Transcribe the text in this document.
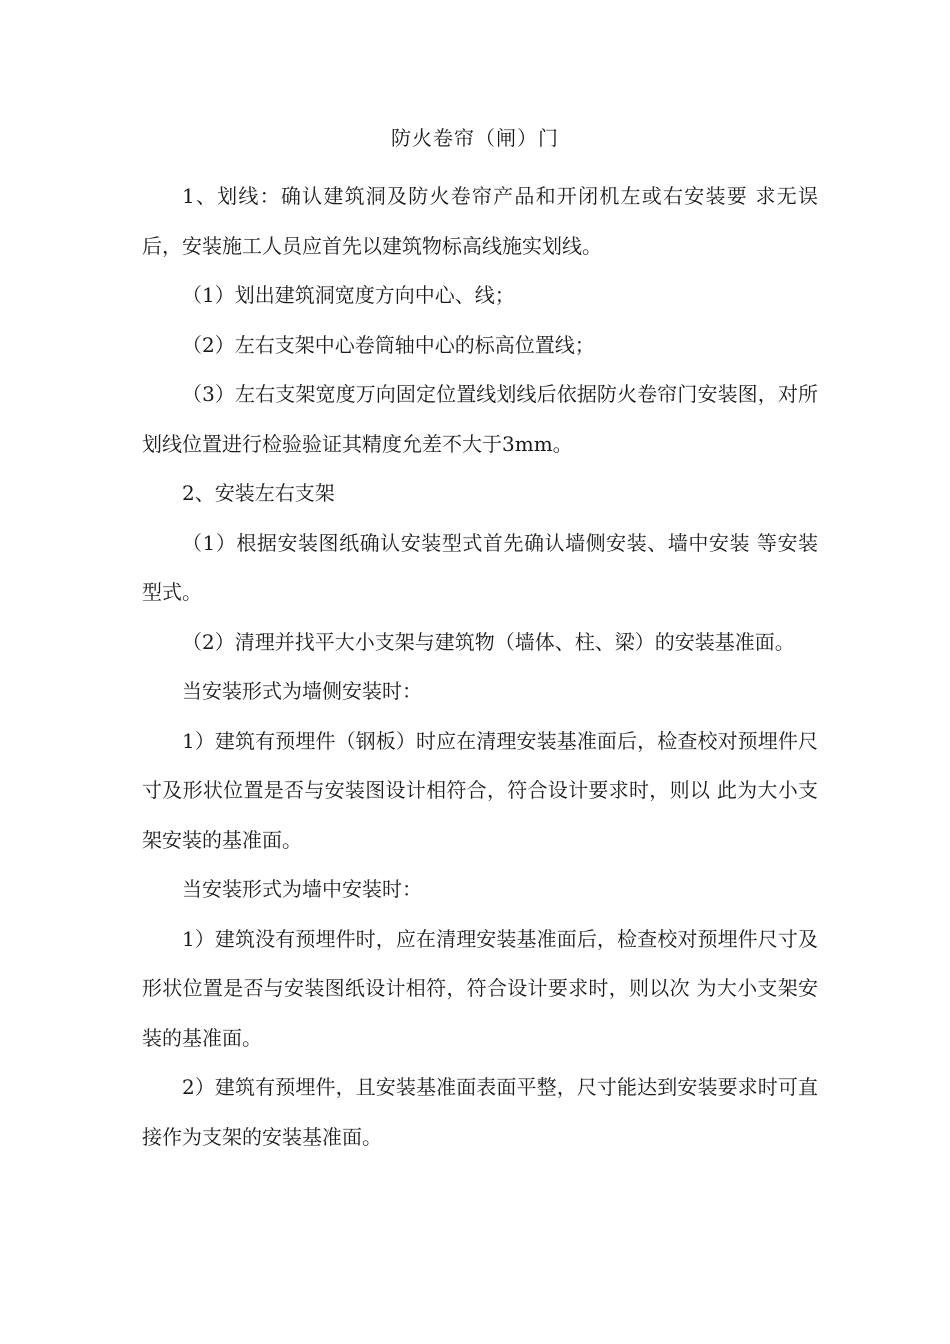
防火卷帘（闸）门

1、划线：确认建筑洞及防火卷帘产品和开闭机左或右安装要 求无误后，安装施工人员应首先以建筑物标高线施实划线。

（1）划出建筑洞宽度方向中心、线；

（2）左右支架中心卷筒轴中心的标高位置线；

（3）左右支架宽度万向固定位置线划线后依据防火卷帘门安装图，对所划线位置进行检验验证其精度允差不大于3mm。

2、安装左右支架

（1）根据安装图纸确认安装型式首先确认墙侧安装、墙中安装 等安装型式。

（2）清理并找平大小支架与建筑物（墙体、柱、梁）的安装基准面。

当安装形式为墙侧安装时：

1）建筑有预埋件（钢板）时应在清理安装基准面后，检查校对预埋件尺寸及形状位置是否与安装图设计相符合，符合设计要求时，则以 此为大小支架安装的基准面。

当安装形式为墙中安装时：

1）建筑没有预埋件时，应在清理安装基准面后，检查校对预埋件尺寸及形状位置是否与安装图纸设计相符，符合设计要求时，则以次 为大小支架安装的基准面。

2）建筑有预埋件，且安装基准面表面平整，尺寸能达到安装要求时可直接作为支架的安装基准面。
